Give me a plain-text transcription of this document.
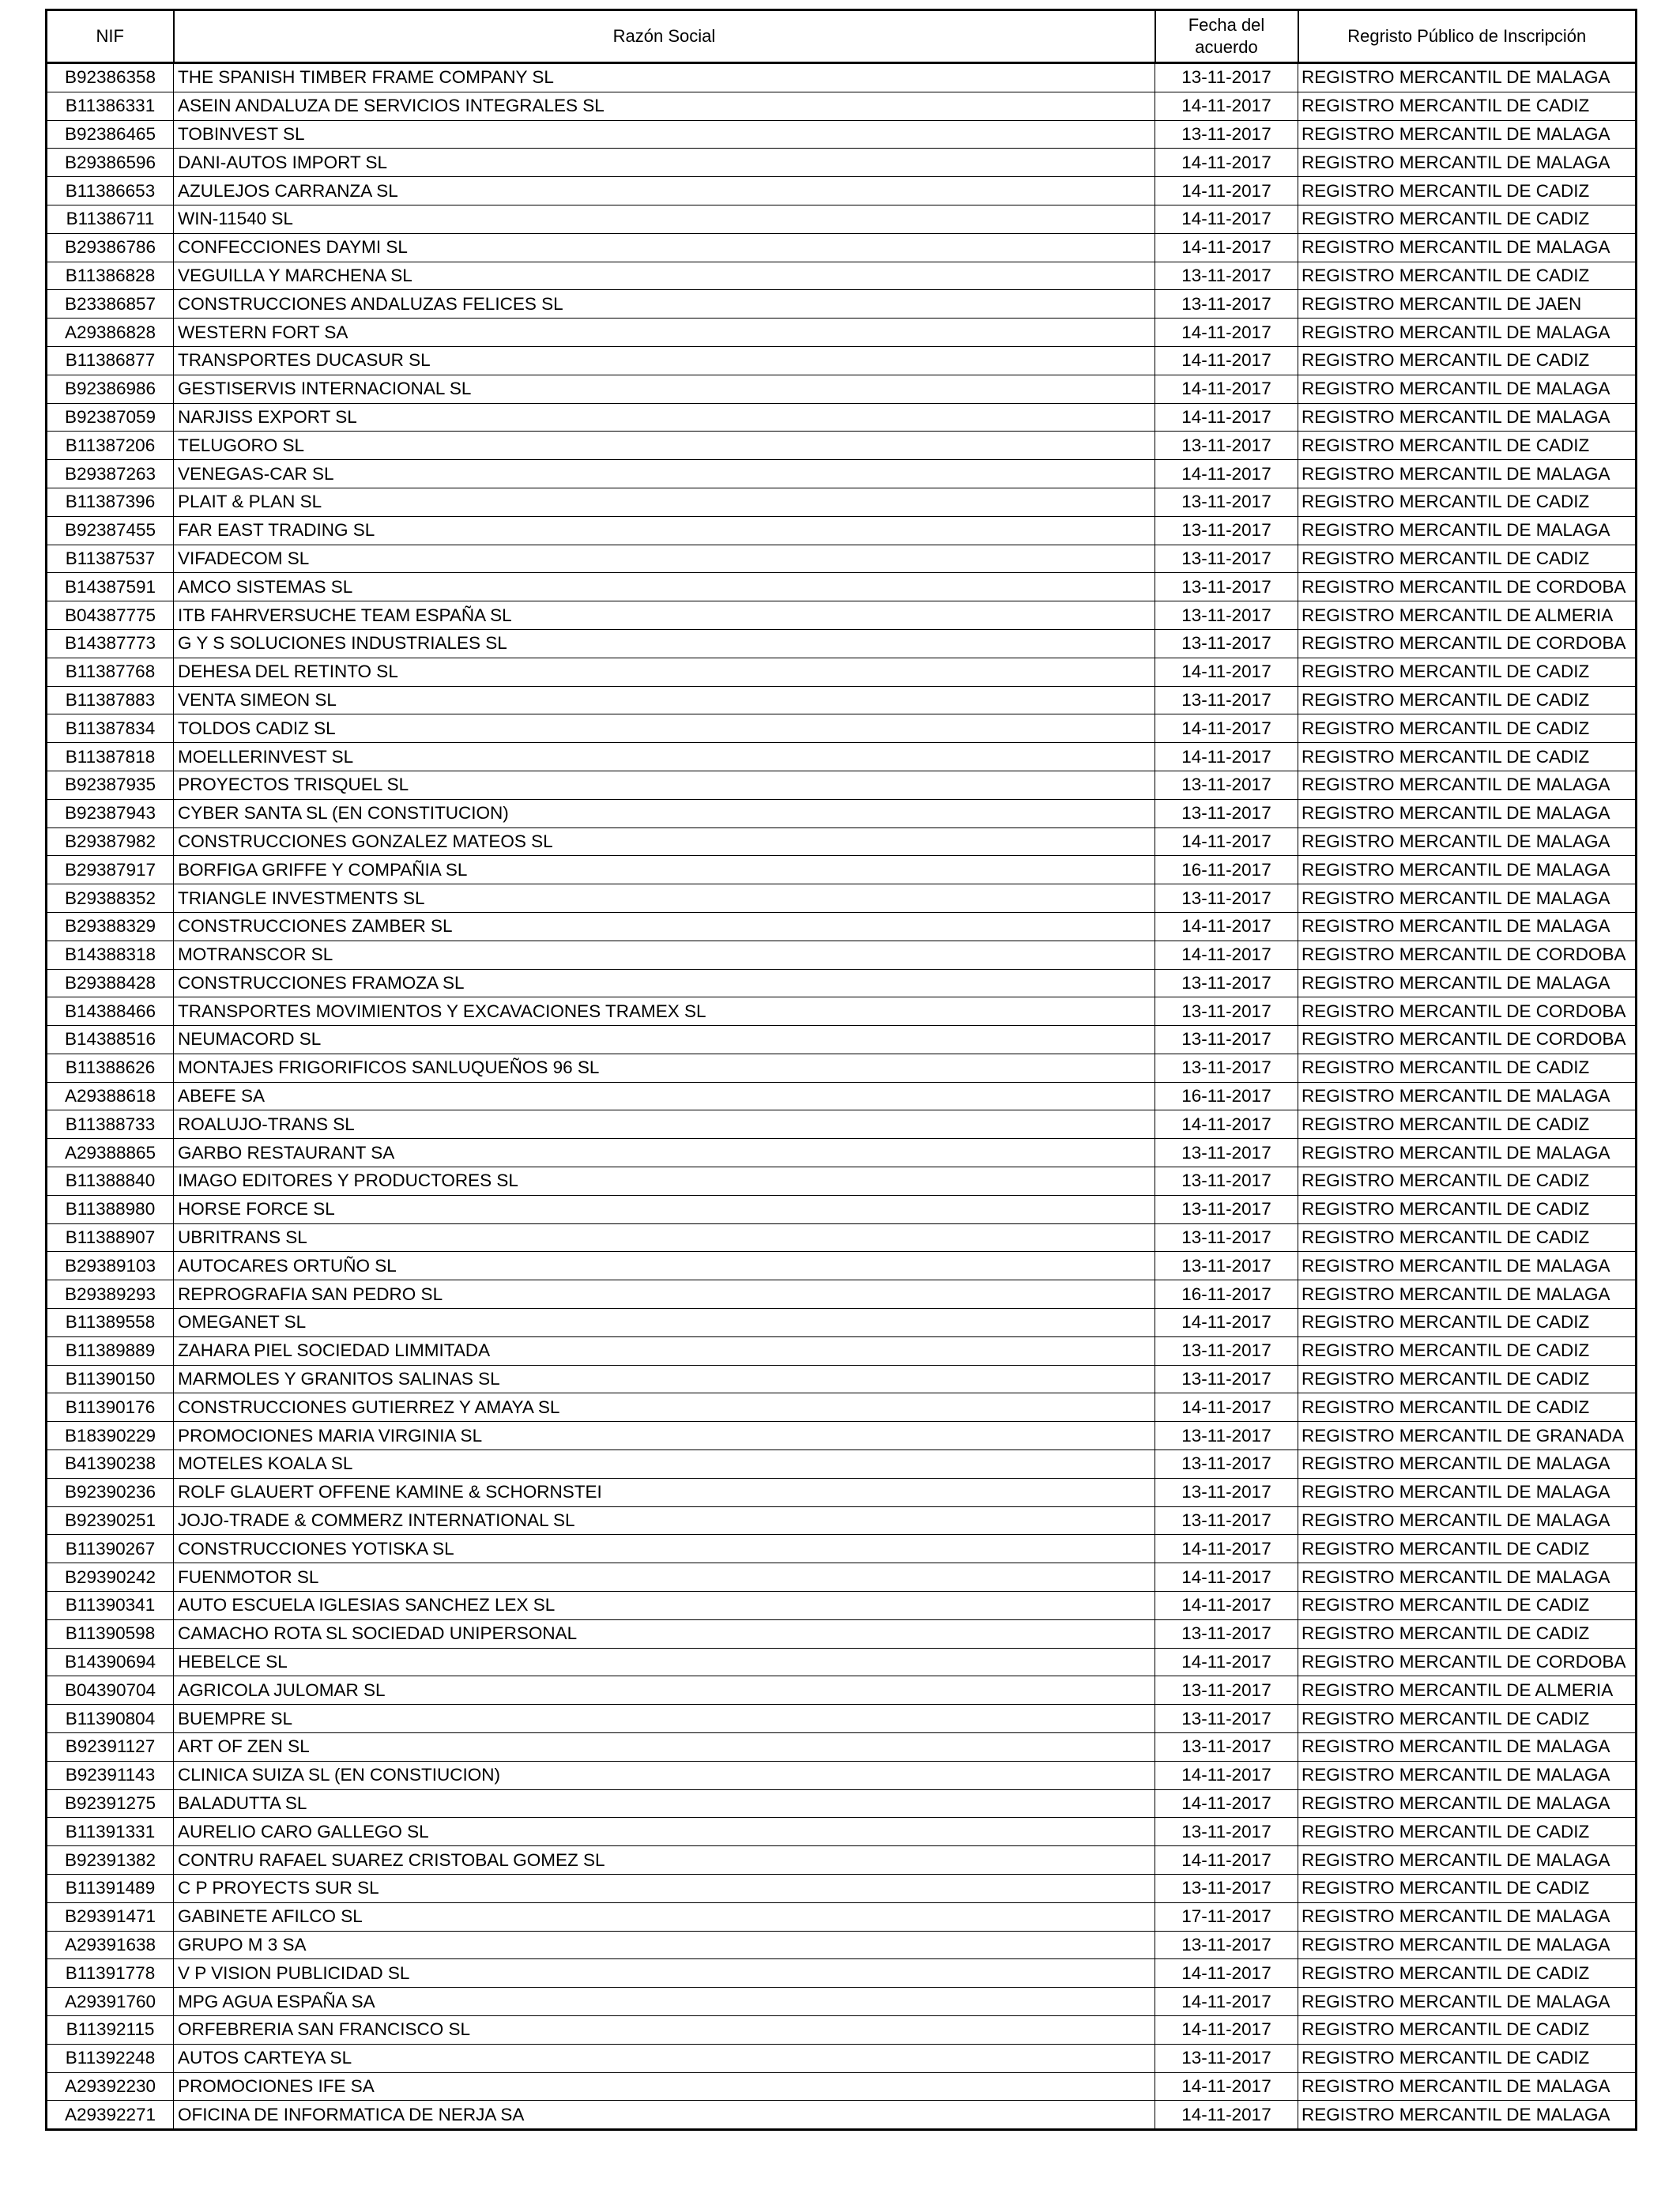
NIF	Razón Social	Fecha del acuerdo	Regristo Público de Inscripción
B92386358	THE SPANISH TIMBER FRAME COMPANY SL	13-11-2017	REGISTRO MERCANTIL DE MALAGA
B11386331	ASEIN ANDALUZA DE SERVICIOS INTEGRALES SL	14-11-2017	REGISTRO MERCANTIL DE CADIZ
B92386465	TOBINVEST SL	13-11-2017	REGISTRO MERCANTIL DE MALAGA
B29386596	DANI-AUTOS IMPORT SL	14-11-2017	REGISTRO MERCANTIL DE MALAGA
B11386653	AZULEJOS CARRANZA SL	14-11-2017	REGISTRO MERCANTIL DE CADIZ
B11386711	WIN-11540 SL	14-11-2017	REGISTRO MERCANTIL DE CADIZ
B29386786	CONFECCIONES DAYMI SL	14-11-2017	REGISTRO MERCANTIL DE MALAGA
B11386828	VEGUILLA Y MARCHENA SL	13-11-2017	REGISTRO MERCANTIL DE CADIZ
B23386857	CONSTRUCCIONES ANDALUZAS FELICES SL	13-11-2017	REGISTRO MERCANTIL DE JAEN
A29386828	WESTERN FORT SA	14-11-2017	REGISTRO MERCANTIL DE MALAGA
B11386877	TRANSPORTES DUCASUR SL	14-11-2017	REGISTRO MERCANTIL DE CADIZ
B92386986	GESTISERVIS INTERNACIONAL SL	14-11-2017	REGISTRO MERCANTIL DE MALAGA
B92387059	NARJISS EXPORT SL	14-11-2017	REGISTRO MERCANTIL DE MALAGA
B11387206	TELUGORO SL	13-11-2017	REGISTRO MERCANTIL DE CADIZ
B29387263	VENEGAS-CAR SL	14-11-2017	REGISTRO MERCANTIL DE MALAGA
B11387396	PLAIT & PLAN SL	13-11-2017	REGISTRO MERCANTIL DE CADIZ
B92387455	FAR EAST TRADING SL	13-11-2017	REGISTRO MERCANTIL DE MALAGA
B11387537	VIFADECOM SL	13-11-2017	REGISTRO MERCANTIL DE CADIZ
B14387591	AMCO SISTEMAS SL	13-11-2017	REGISTRO MERCANTIL DE CORDOBA
B04387775	ITB FAHRVERSUCHE TEAM ESPAÑA SL	13-11-2017	REGISTRO MERCANTIL DE ALMERIA
B14387773	G Y S SOLUCIONES INDUSTRIALES SL	13-11-2017	REGISTRO MERCANTIL DE CORDOBA
B11387768	DEHESA DEL RETINTO SL	14-11-2017	REGISTRO MERCANTIL DE CADIZ
B11387883	VENTA SIMEON SL	13-11-2017	REGISTRO MERCANTIL DE CADIZ
B11387834	TOLDOS CADIZ SL	14-11-2017	REGISTRO MERCANTIL DE CADIZ
B11387818	MOELLERINVEST SL	14-11-2017	REGISTRO MERCANTIL DE CADIZ
B92387935	PROYECTOS TRISQUEL SL	13-11-2017	REGISTRO MERCANTIL DE MALAGA
B92387943	CYBER SANTA SL (EN CONSTITUCION)	13-11-2017	REGISTRO MERCANTIL DE MALAGA
B29387982	CONSTRUCCIONES GONZALEZ MATEOS SL	14-11-2017	REGISTRO MERCANTIL DE MALAGA
B29387917	BORFIGA GRIFFE Y COMPAÑIA SL	16-11-2017	REGISTRO MERCANTIL DE MALAGA
B29388352	TRIANGLE INVESTMENTS SL	13-11-2017	REGISTRO MERCANTIL DE MALAGA
B29388329	CONSTRUCCIONES ZAMBER SL	14-11-2017	REGISTRO MERCANTIL DE MALAGA
B14388318	MOTRANSCOR SL	14-11-2017	REGISTRO MERCANTIL DE CORDOBA
B29388428	CONSTRUCCIONES FRAMOZA SL	13-11-2017	REGISTRO MERCANTIL DE MALAGA
B14388466	TRANSPORTES MOVIMIENTOS Y EXCAVACIONES TRAMEX SL	13-11-2017	REGISTRO MERCANTIL DE CORDOBA
B14388516	NEUMACORD SL	13-11-2017	REGISTRO MERCANTIL DE CORDOBA
B11388626	MONTAJES FRIGORIFICOS SANLUQUEÑOS 96 SL	13-11-2017	REGISTRO MERCANTIL DE CADIZ
A29388618	ABEFE SA	16-11-2017	REGISTRO MERCANTIL DE MALAGA
B11388733	ROALUJO-TRANS SL	14-11-2017	REGISTRO MERCANTIL DE CADIZ
A29388865	GARBO RESTAURANT SA	13-11-2017	REGISTRO MERCANTIL DE MALAGA
B11388840	IMAGO EDITORES Y PRODUCTORES SL	13-11-2017	REGISTRO MERCANTIL DE CADIZ
B11388980	HORSE FORCE SL	13-11-2017	REGISTRO MERCANTIL DE CADIZ
B11388907	UBRITRANS SL	13-11-2017	REGISTRO MERCANTIL DE CADIZ
B29389103	AUTOCARES ORTUÑO SL	13-11-2017	REGISTRO MERCANTIL DE MALAGA
B29389293	REPROGRAFIA SAN PEDRO SL	16-11-2017	REGISTRO MERCANTIL DE MALAGA
B11389558	OMEGANET SL	14-11-2017	REGISTRO MERCANTIL DE CADIZ
B11389889	ZAHARA PIEL SOCIEDAD LIMMITADA	13-11-2017	REGISTRO MERCANTIL DE CADIZ
B11390150	MARMOLES Y GRANITOS SALINAS SL	13-11-2017	REGISTRO MERCANTIL DE CADIZ
B11390176	CONSTRUCCIONES GUTIERREZ Y AMAYA SL	14-11-2017	REGISTRO MERCANTIL DE CADIZ
B18390229	PROMOCIONES MARIA VIRGINIA SL	13-11-2017	REGISTRO MERCANTIL DE GRANADA
B41390238	MOTELES KOALA SL	13-11-2017	REGISTRO MERCANTIL DE MALAGA
B92390236	ROLF GLAUERT OFFENE KAMINE & SCHORNSTEI	13-11-2017	REGISTRO MERCANTIL DE MALAGA
B92390251	JOJO-TRADE & COMMERZ INTERNATIONAL SL	13-11-2017	REGISTRO MERCANTIL DE MALAGA
B11390267	CONSTRUCCIONES YOTISKA SL	14-11-2017	REGISTRO MERCANTIL DE CADIZ
B29390242	FUENMOTOR SL	14-11-2017	REGISTRO MERCANTIL DE MALAGA
B11390341	AUTO ESCUELA IGLESIAS SANCHEZ LEX SL	14-11-2017	REGISTRO MERCANTIL DE CADIZ
B11390598	CAMACHO ROTA SL SOCIEDAD UNIPERSONAL	13-11-2017	REGISTRO MERCANTIL DE CADIZ
B14390694	HEBELCE SL	14-11-2017	REGISTRO MERCANTIL DE CORDOBA
B04390704	AGRICOLA JULOMAR SL	13-11-2017	REGISTRO MERCANTIL DE ALMERIA
B11390804	BUEMPRE SL	13-11-2017	REGISTRO MERCANTIL DE CADIZ
B92391127	ART OF ZEN SL	13-11-2017	REGISTRO MERCANTIL DE MALAGA
B92391143	CLINICA SUIZA SL (EN CONSTIUCION)	14-11-2017	REGISTRO MERCANTIL DE MALAGA
B92391275	BALADUTTA SL	14-11-2017	REGISTRO MERCANTIL DE MALAGA
B11391331	AURELIO CARO GALLEGO SL	13-11-2017	REGISTRO MERCANTIL DE CADIZ
B92391382	CONTRU RAFAEL SUAREZ CRISTOBAL GOMEZ SL	14-11-2017	REGISTRO MERCANTIL DE MALAGA
B11391489	C P PROYECTS SUR SL	13-11-2017	REGISTRO MERCANTIL DE CADIZ
B29391471	GABINETE AFILCO SL	17-11-2017	REGISTRO MERCANTIL DE MALAGA
A29391638	GRUPO M 3 SA	13-11-2017	REGISTRO MERCANTIL DE MALAGA
B11391778	V P VISION PUBLICIDAD SL	14-11-2017	REGISTRO MERCANTIL DE CADIZ
A29391760	MPG AGUA ESPAÑA SA	14-11-2017	REGISTRO MERCANTIL DE MALAGA
B11392115	ORFEBRERIA SAN FRANCISCO SL	14-11-2017	REGISTRO MERCANTIL DE CADIZ
B11392248	AUTOS CARTEYA SL	13-11-2017	REGISTRO MERCANTIL DE CADIZ
A29392230	PROMOCIONES IFE SA	14-11-2017	REGISTRO MERCANTIL DE MALAGA
A29392271	OFICINA DE INFORMATICA DE NERJA SA	14-11-2017	REGISTRO MERCANTIL DE MALAGA
